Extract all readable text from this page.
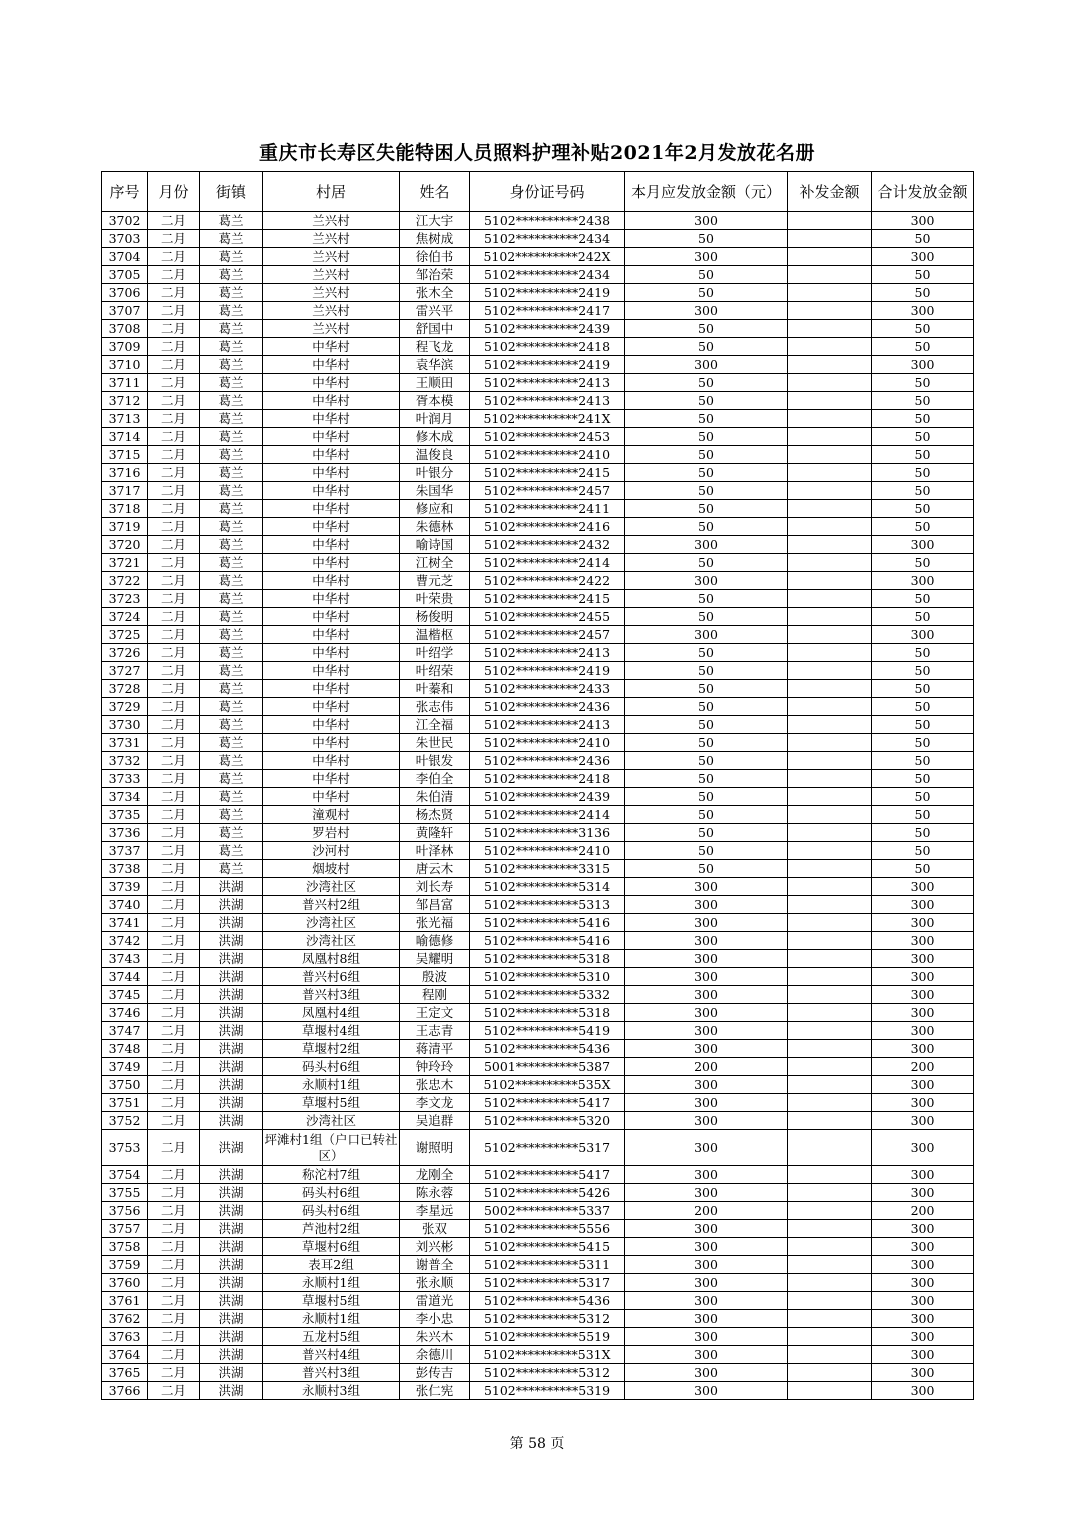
重庆市长寿区失能特困人员照料护理补贴2021年2月发放花名册
序号	月份	街镇	村居	姓名	身份证号码	本月应发放金额（元）	补发金额	合计发放金额
3702	二月	葛兰	兰兴村	江大宇	5102**********2438	300		300
3703	二月	葛兰	兰兴村	焦树成	5102**********2434	50		50
3704	二月	葛兰	兰兴村	徐伯书	5102**********242X	300		300
3705	二月	葛兰	兰兴村	邹治荣	5102**********2434	50		50
3706	二月	葛兰	兰兴村	张木全	5102**********2419	50		50
3707	二月	葛兰	兰兴村	雷兴平	5102**********2417	300		300
3708	二月	葛兰	兰兴村	舒国中	5102**********2439	50		50
3709	二月	葛兰	中华村	程飞龙	5102**********2418	50		50
3710	二月	葛兰	中华村	袁华滨	5102**********2419	300		300
3711	二月	葛兰	中华村	王顺田	5102**********2413	50		50
3712	二月	葛兰	中华村	胥本模	5102**********2413	50		50
3713	二月	葛兰	中华村	叶润月	5102**********241X	50		50
3714	二月	葛兰	中华村	修木成	5102**********2453	50		50
3715	二月	葛兰	中华村	温俊良	5102**********2410	50		50
3716	二月	葛兰	中华村	叶银分	5102**********2415	50		50
3717	二月	葛兰	中华村	朱国华	5102**********2457	50		50
3718	二月	葛兰	中华村	修应和	5102**********2411	50		50
3719	二月	葛兰	中华村	朱德林	5102**********2416	50		50
3720	二月	葛兰	中华村	喻诗国	5102**********2432	300		300
3721	二月	葛兰	中华村	江树全	5102**********2414	50		50
3722	二月	葛兰	中华村	曹元芝	5102**********2422	300		300
3723	二月	葛兰	中华村	叶荣贵	5102**********2415	50		50
3724	二月	葛兰	中华村	杨俊明	5102**********2455	50		50
3725	二月	葛兰	中华村	温楷枢	5102**********2457	300		300
3726	二月	葛兰	中华村	叶绍学	5102**********2413	50		50
3727	二月	葛兰	中华村	叶绍荣	5102**********2419	50		50
3728	二月	葛兰	中华村	叶蓁和	5102**********2433	50		50
3729	二月	葛兰	中华村	张志伟	5102**********2436	50		50
3730	二月	葛兰	中华村	江全福	5102**********2413	50		50
3731	二月	葛兰	中华村	朱世民	5102**********2410	50		50
3732	二月	葛兰	中华村	叶银发	5102**********2436	50		50
3733	二月	葛兰	中华村	李伯全	5102**********2418	50		50
3734	二月	葛兰	中华村	朱伯清	5102**********2439	50		50
3735	二月	葛兰	潼观村	杨杰贤	5102**********2414	50		50
3736	二月	葛兰	罗岩村	黄隆轩	5102**********3136	50		50
3737	二月	葛兰	沙河村	叶泽林	5102**********2410	50		50
3738	二月	葛兰	烟坡村	唐云木	5102**********3315	50		50
3739	二月	洪湖	沙湾社区	刘长寿	5102**********5314	300		300
3740	二月	洪湖	普兴村2组	邹昌富	5102**********5313	300		300
3741	二月	洪湖	沙湾社区	张光福	5102**********5416	300		300
3742	二月	洪湖	沙湾社区	喻德修	5102**********5416	300		300
3743	二月	洪湖	凤凰村8组	吴耀明	5102**********5318	300		300
3744	二月	洪湖	普兴村6组	殷波	5102**********5310	300		300
3745	二月	洪湖	普兴村3组	程刚	5102**********5332	300		300
3746	二月	洪湖	凤凰村4组	王定文	5102**********5318	300		300
3747	二月	洪湖	草堰村4组	王志青	5102**********5419	300		300
3748	二月	洪湖	草堰村2组	蒋清平	5102**********5436	300		300
3749	二月	洪湖	码头村6组	钟玲玲	5001**********5387	200		200
3750	二月	洪湖	永顺村1组	张忠木	5102**********535X	300		300
3751	二月	洪湖	草堰村5组	李文龙	5102**********5417	300		300
3752	二月	洪湖	沙湾社区	吴追群	5102**********5320	300		300
3753	二月	洪湖	坪滩村1组（户口已转社区）	谢照明	5102**********5317	300		300
3754	二月	洪湖	称沱村7组	龙刚全	5102**********5417	300		300
3755	二月	洪湖	码头村6组	陈永蓉	5102**********5426	300		300
3756	二月	洪湖	码头村6组	李星远	5002**********5337	200		200
3757	二月	洪湖	芦池村2组	张双	5102**********5556	300		300
3758	二月	洪湖	草堰村6组	刘兴彬	5102**********5415	300		300
3759	二月	洪湖	表耳2组	谢普全	5102**********5311	300		300
3760	二月	洪湖	永顺村1组	张永顺	5102**********5317	300		300
3761	二月	洪湖	草堰村5组	雷道光	5102**********5436	300		300
3762	二月	洪湖	永顺村1组	李小忠	5102**********5312	300		300
3763	二月	洪湖	五龙村5组	朱兴木	5102**********5519	300		300
3764	二月	洪湖	普兴村4组	余德川	5102**********531X	300		300
3765	二月	洪湖	普兴村3组	彭传吉	5102**********5312	300		300
3766	二月	洪湖	永顺村3组	张仁宪	5102**********5319	300		300
第 58 页
